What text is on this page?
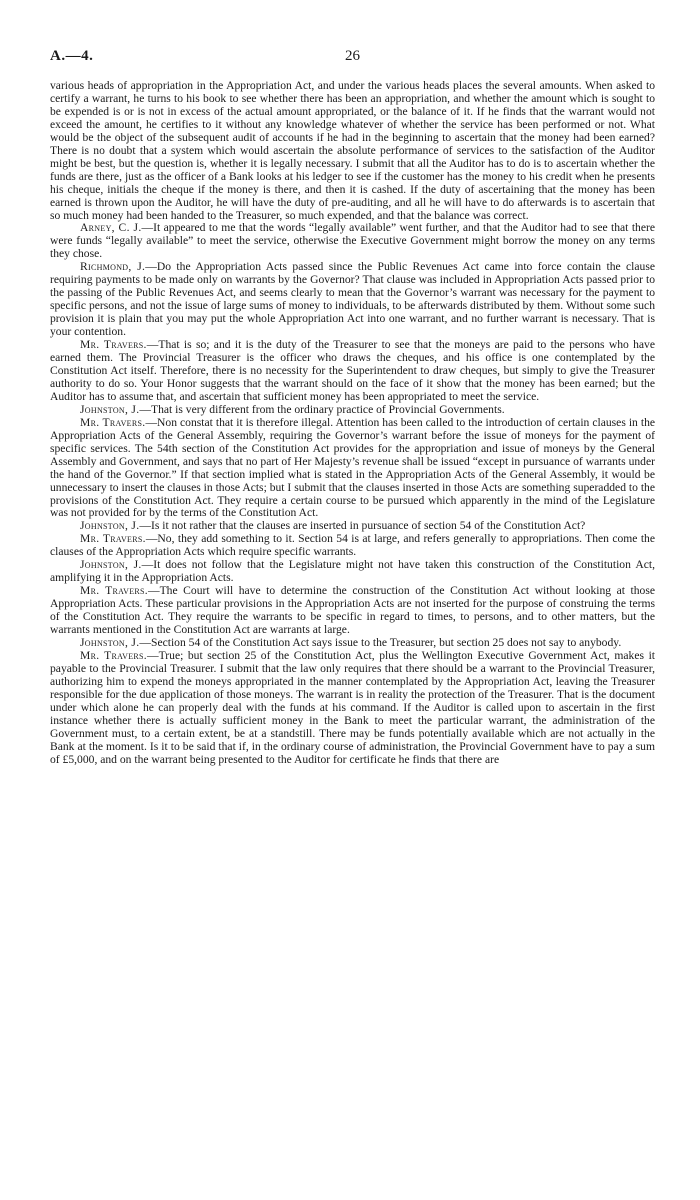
A.—4.	26

various heads of appropriation in the Appropriation Act, and under the various heads places the several amounts. When asked to certify a warrant, he turns to his book to see whether there has been an appropriation, and whether the amount which is sought to be expended is or is not in excess of the actual amount appropriated, or the balance of it. If he finds that the warrant would not exceed the amount, he certifies to it without any knowledge whatever of whether the service has been performed or not. What would be the object of the subsequent audit of accounts if he had in the beginning to ascertain that the money had been earned? There is no doubt that a system which would ascertain the absolute performance of services to the satisfaction of the Auditor might be best, but the question is, whether it is legally necessary. I submit that all the Auditor has to do is to ascertain whether the funds are there, just as the officer of a Bank looks at his ledger to see if the customer has the money to his credit when he presents his cheque, initials the cheque if the money is there, and then it is cashed. If the duty of ascertaining that the money has been earned is thrown upon the Auditor, he will have the duty of pre-auditing, and all he will have to do afterwards is to ascertain that so much money had been handed to the Treasurer, so much expended, and that the balance was correct.

Arney, C. J.—It appeared to me that the words “legally available” went further, and that the Auditor had to see that there were funds “legally available” to meet the service, otherwise the Executive Government might borrow the money on any terms they chose.

Richmond, J.—Do the Appropriation Acts passed since the Public Revenues Act came into force contain the clause requiring payments to be made only on warrants by the Governor? That clause was included in Appropriation Acts passed prior to the passing of the Public Revenues Act, and seems clearly to mean that the Governor’s warrant was necessary for the payment to specific persons, and not the issue of large sums of money to individuals, to be afterwards distributed by them. Without some such provision it is plain that you may put the whole Appropriation Act into one warrant, and no further warrant is necessary. That is your contention.

Mr. Travers.—That is so; and it is the duty of the Treasurer to see that the moneys are paid to the persons who have earned them. The Provincial Treasurer is the officer who draws the cheques, and his office is one contemplated by the Constitution Act itself. Therefore, there is no necessity for the Superintendent to draw cheques, but simply to give the Treasurer authority to do so. Your Honor suggests that the warrant should on the face of it show that the money has been earned; but the Auditor has to assume that, and ascertain that sufficient money has been appropriated to meet the service.

Johnston, J.—That is very different from the ordinary practice of Provincial Governments.

Mr. Travers.—Non constat that it is therefore illegal. Attention has been called to the introduction of certain clauses in the Appropriation Acts of the General Assembly, requiring the Governor’s warrant before the issue of moneys for the payment of specific services. The 54th section of the Constitution Act provides for the appropriation and issue of moneys by the General Assembly and Government, and says that no part of Her Majesty’s revenue shall be issued “except in pursuance of warrants under the hand of the Governor.” If that section implied what is stated in the Appropriation Acts of the General Assembly, it would be unnecessary to insert the clauses in those Acts; but I submit that the clauses inserted in those Acts are something superadded to the provisions of the Constitution Act. They require a certain course to be pursued which apparently in the mind of the Legislature was not provided for by the terms of the Constitution Act.

Johnston, J.—Is it not rather that the clauses are inserted in pursuance of section 54 of the Constitution Act?

Mr. Travers.—No, they add something to it. Section 54 is at large, and refers generally to appropriations. Then come the clauses of the Appropriation Acts which require specific warrants.

Johnston, J.—It does not follow that the Legislature might not have taken this construction of the Constitution Act, amplifying it in the Appropriation Acts.

Mr. Travers.—The Court will have to determine the construction of the Constitution Act without looking at those Appropriation Acts. These particular provisions in the Appropriation Acts are not inserted for the purpose of construing the terms of the Constitution Act. They require the warrants to be specific in regard to times, to persons, and to other matters, but the warrants mentioned in the Constitution Act are warrants at large.

Johnston, J.—Section 54 of the Constitution Act says issue to the Treasurer, but section 25 does not say to anybody.

Mr. Travers.—True; but section 25 of the Constitution Act, plus the Wellington Executive Government Act, makes it payable to the Provincial Treasurer. I submit that the law only requires that there should be a warrant to the Provincial Treasurer, authorizing him to expend the moneys appropriated in the manner contemplated by the Appropriation Act, leaving the Treasurer responsible for the due application of those moneys. The warrant is in reality the protection of the Treasurer. That is the document under which alone he can properly deal with the funds at his command. If the Auditor is called upon to ascertain in the first instance whether there is actually sufficient money in the Bank to meet the particular warrant, the administration of the Government must, to a certain extent, be at a standstill. There may be funds potentially available which are not actually in the Bank at the moment. Is it to be said that if, in the ordinary course of administration, the Provincial Government have to pay a sum of £5,000, and on the warrant being presented to the Auditor for certificate he finds that there are
